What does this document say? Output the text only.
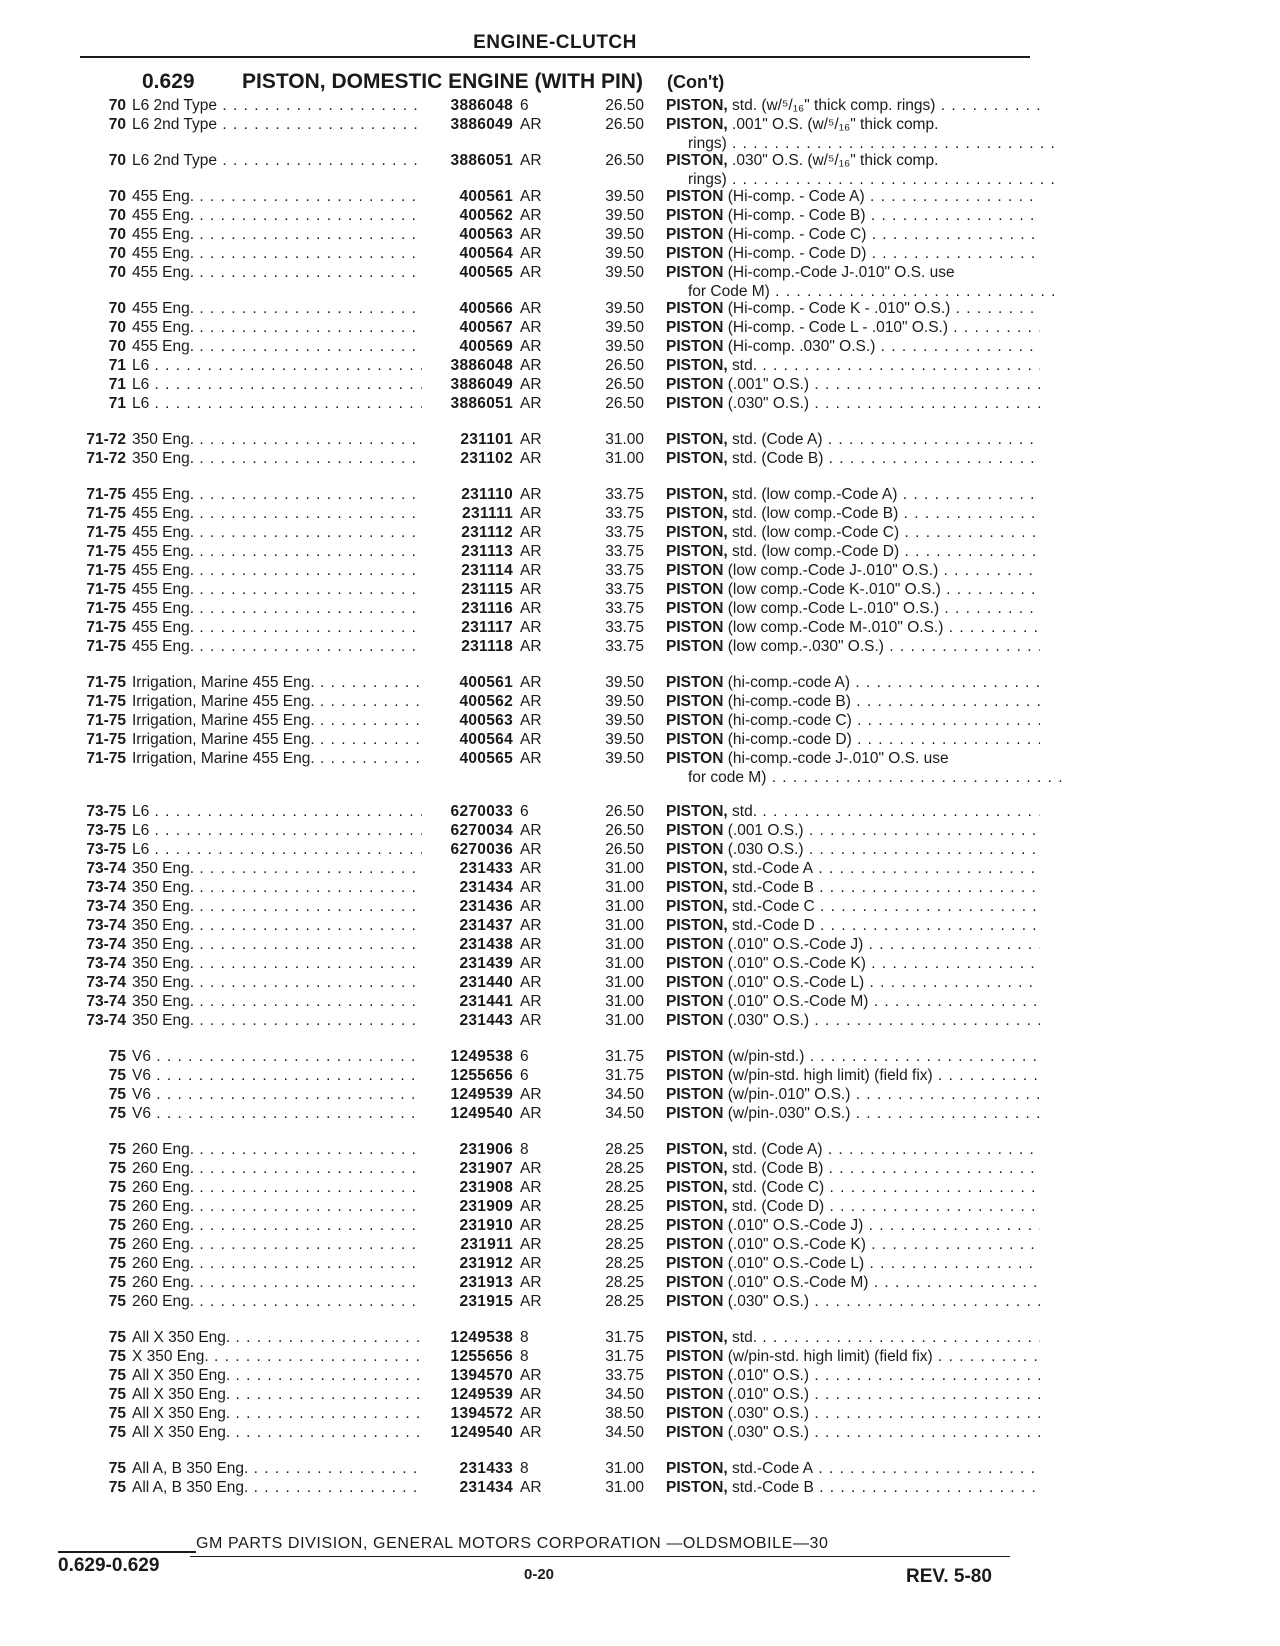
ENGINE-CLUTCH
0.629 PISTON, DOMESTIC ENGINE (WITH PIN) (Con't)
70 L6 2nd Type . . .	3886048 6	26.50 PISTON, std. (w/⁵/₁₆" thick comp. rings) . . .
70 L6 2nd Type . . .	3886049 AR	26.50 PISTON, .001" O.S. (w/⁵/₁₆" thick comp.
rings) . . .
70 L6 2nd Type . . .	3886051 AR	26.50 PISTON, .030" O.S. (w/⁵/₁₆" thick comp.
rings) . . .
70 455 Eng. . . .	400561 AR	39.50 PISTON (Hi-comp. - Code A) . . .
70 455 Eng. . . .	400562 AR	39.50 PISTON (Hi-comp. - Code B) . . .
70 455 Eng. . . .	400563 AR	39.50 PISTON (Hi-comp. - Code C) . . .
70 455 Eng. . . .	400564 AR	39.50 PISTON (Hi-comp. - Code D) . . .
70 455 Eng. . . .	400565 AR	39.50 PISTON (Hi-comp.-Code J-.010" O.S. use
for Code M) . . .
70 455 Eng. . . .	400566 AR	39.50 PISTON (Hi-comp. - Code K - .010" O.S.) . . .
70 455 Eng. . . .	400567 AR	39.50 PISTON (Hi-comp. - Code L - .010" O.S.) . . .
70 455 Eng. . . .	400569 AR	39.50 PISTON (Hi-comp. .030" O.S.) . . .
71 L6 . . .	3886048 AR	26.50 PISTON, std. . . .
71 L6 . . .	3886049 AR	26.50 PISTON (.001" O.S.) . . .
71 L6 . . .	3886051 AR	26.50 PISTON (.030" O.S.) . . .
71-72 350 Eng. . . .	231101 AR	31.00 PISTON, std. (Code A) . . .
71-72 350 Eng. . . .	231102 AR	31.00 PISTON, std. (Code B) . . .
71-75 455 Eng. . . .	231110 AR	33.75 PISTON, std. (low comp.-Code A) . . .
71-75 455 Eng. . . .	231111 AR	33.75 PISTON, std. (low comp.-Code B) . . .
71-75 455 Eng. . . .	231112 AR	33.75 PISTON, std. (low comp.-Code C) . . .
71-75 455 Eng. . . .	231113 AR	33.75 PISTON, std. (low comp.-Code D) . . .
71-75 455 Eng. . . .	231114 AR	33.75 PISTON (low comp.-Code J-.010" O.S.) . . .
71-75 455 Eng. . . .	231115 AR	33.75 PISTON (low comp.-Code K-.010" O.S.) . . .
71-75 455 Eng. . . .	231116 AR	33.75 PISTON (low comp.-Code L-.010" O.S.) . . .
71-75 455 Eng. . . .	231117 AR	33.75 PISTON (low comp.-Code M-.010" O.S.) . . .
71-75 455 Eng. . . .	231118 AR	33.75 PISTON (low comp.-.030" O.S.) . . .
71-75 Irrigation, Marine 455 Eng. . . .	400561 AR	39.50 PISTON (hi-comp.-code A) . . .
71-75 Irrigation, Marine 455 Eng. . . .	400562 AR	39.50 PISTON (hi-comp.-code B) . . .
71-75 Irrigation, Marine 455 Eng. . . .	400563 AR	39.50 PISTON (hi-comp.-code C) . . .
71-75 Irrigation, Marine 455 Eng. . . .	400564 AR	39.50 PISTON (hi-comp.-code D) . . .
71-75 Irrigation, Marine 455 Eng. . . .	400565 AR	39.50 PISTON (hi-comp.-code J-.010" O.S. use
for code M) . . .
73-75 L6 . . .	6270033 6	26.50 PISTON, std. . . .
73-75 L6 . . .	6270034 AR	26.50 PISTON (.001 O.S.) . . .
73-75 L6 . . .	6270036 AR	26.50 PISTON (.030 O.S.) . . .
73-74 350 Eng. . . .	231433 AR	31.00 PISTON, std.-Code A . . .
73-74 350 Eng. . . .	231434 AR	31.00 PISTON, std.-Code B . . .
73-74 350 Eng. . . .	231436 AR	31.00 PISTON, std.-Code C . . .
73-74 350 Eng. . . .	231437 AR	31.00 PISTON, std.-Code D . . .
73-74 350 Eng. . . .	231438 AR	31.00 PISTON (.010" O.S.-Code J) . . .
73-74 350 Eng. . . .	231439 AR	31.00 PISTON (.010" O.S.-Code K) . . .
73-74 350 Eng. . . .	231440 AR	31.00 PISTON (.010" O.S.-Code L) . . .
73-74 350 Eng. . . .	231441 AR	31.00 PISTON (.010" O.S.-Code M) . . .
73-74 350 Eng. . . .	231443 AR	31.00 PISTON (.030" O.S.) . . .
75 V6 . . .	1249538 6	31.75 PISTON (w/pin-std.) . . .
75 V6 . . .	1255656 6	31.75 PISTON (w/pin-std. high limit) (field fix) . . .
75 V6 . . .	1249539 AR	34.50 PISTON (w/pin-.010" O.S.) . . .
75 V6 . . .	1249540 AR	34.50 PISTON (w/pin-.030" O.S.) . . .
75 260 Eng. . . .	231906 8	28.25 PISTON, std. (Code A) . . .
75 260 Eng. . . .	231907 AR	28.25 PISTON, std. (Code B) . . .
75 260 Eng. . . .	231908 AR	28.25 PISTON, std. (Code C) . . .
75 260 Eng. . . .	231909 AR	28.25 PISTON, std. (Code D) . . .
75 260 Eng. . . .	231910 AR	28.25 PISTON (.010" O.S.-Code J) . . .
75 260 Eng. . . .	231911 AR	28.25 PISTON (.010" O.S.-Code K) . . .
75 260 Eng. . . .	231912 AR	28.25 PISTON (.010" O.S.-Code L) . . .
75 260 Eng. . . .	231913 AR	28.25 PISTON (.010" O.S.-Code M) . . .
75 260 Eng. . . .	231915 AR	28.25 PISTON (.030" O.S.) . . .
75 All X 350 Eng. . . .	1249538 8	31.75 PISTON, std. . . .
75 X 350 Eng. . . .	1255656 8	31.75 PISTON (w/pin-std. high limit) (field fix) . . .
75 All X 350 Eng. . . .	1394570 AR	33.75 PISTON (.010" O.S.) . . .
75 All X 350 Eng. . . .	1249539 AR	34.50 PISTON (.010" O.S.) . . .
75 All X 350 Eng. . . .	1394572 AR	38.50 PISTON (.030" O.S.) . . .
75 All X 350 Eng. . . .	1249540 AR	34.50 PISTON (.030" O.S.) . . .
75 All A, B 350 Eng. . . .	231433 8	31.00 PISTON, std.-Code A . . .
75 All A, B 350 Eng. . . .	231434 AR	31.00 PISTON, std.-Code B . . .
GM PARTS DIVISION, GENERAL MOTORS CORPORATION —OLDSMOBILE—30
0.629-0.629	0-20	REV. 5-80
